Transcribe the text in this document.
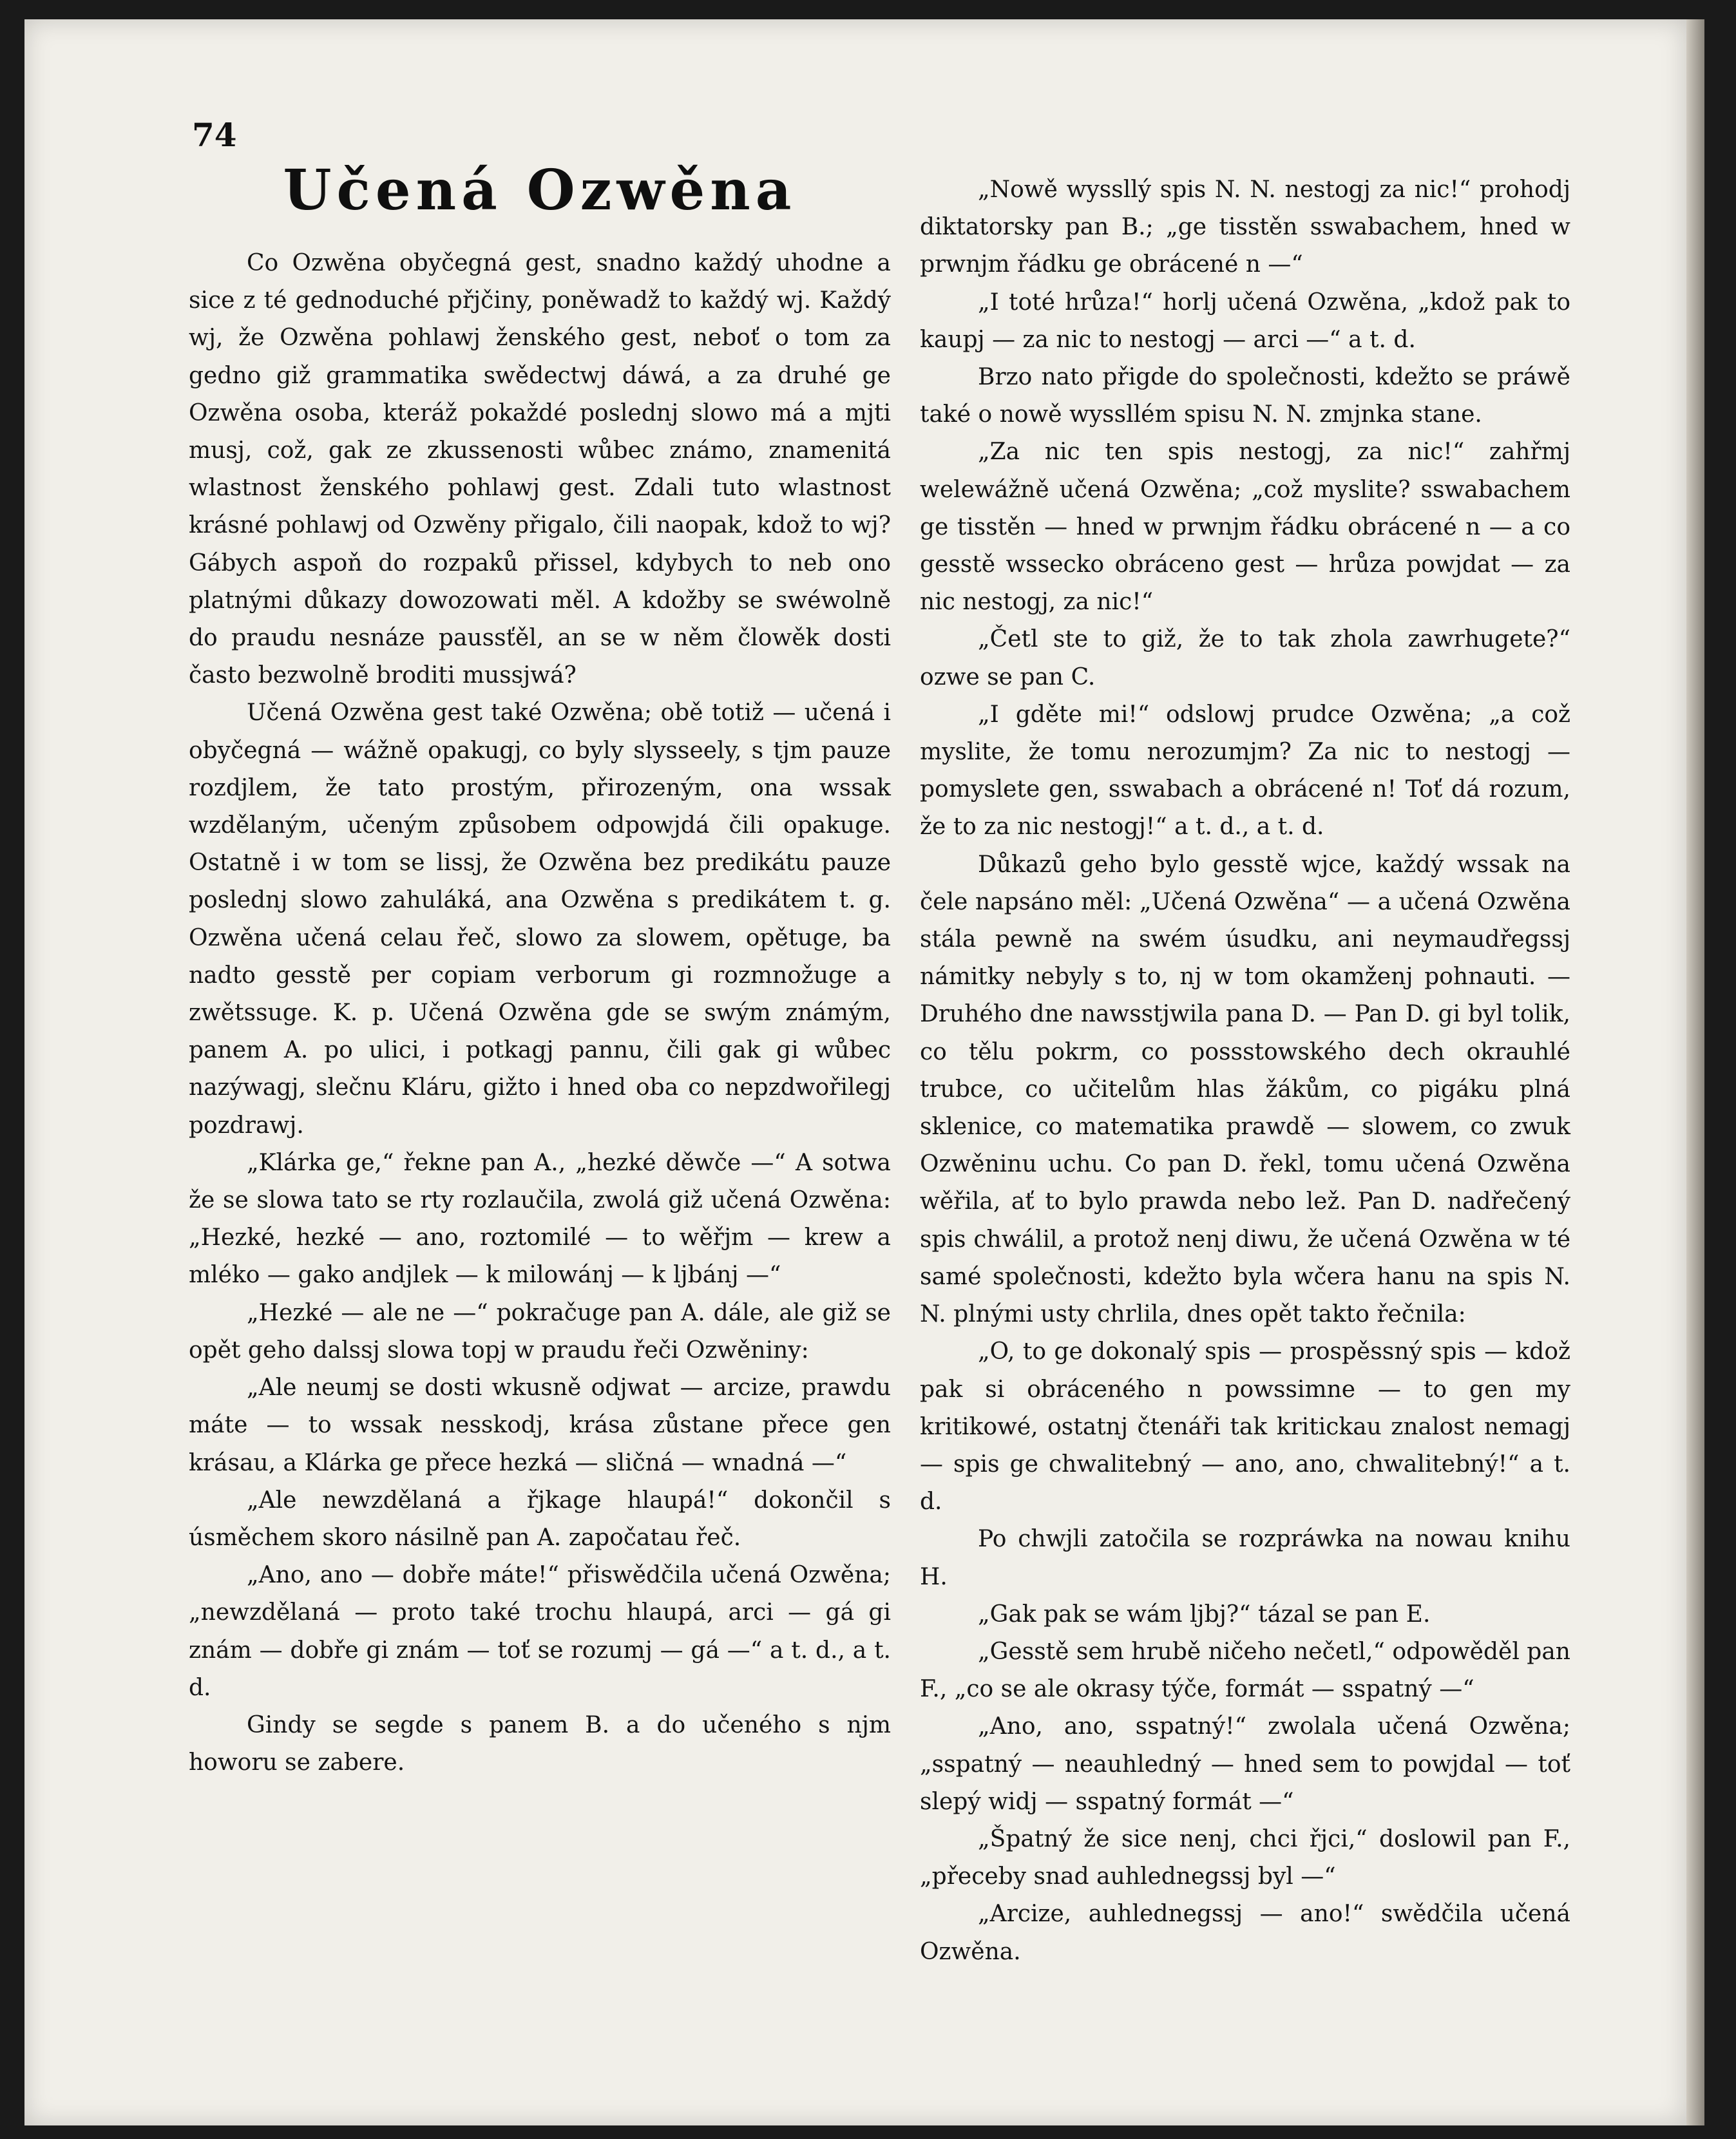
74
Učená Ozwěna

Co Ozwěna obyčegná gest, snadno každý uhodne a sice z té gednoduché přjčiny, poněwadž to každý wj. Každý wj, že Ozwěna pohlawj ženského gest, neboť o tom za gedno giž grammatika swědectwj dáwá, a za druhé ge Ozwěna osoba, kteráž pokaždé poslednj slowo má a mjti musj, což, gak ze zkussenosti wůbec známo, znamenitá wlastnost ženského pohlawj gest. Zdali tuto wlastnost krásné pohlawj od Ozwěny přigalo, čili naopak, kdož to wj? Gábych aspoň do rozpaků přissel, kdybych to neb ono platnými důkazy dowozowati měl. A kdožby se swéwolně do praudu nesnáze paussťěl, an se w něm člowěk dosti často bezwolně broditi mussjwá?

Učená Ozwěna gest také Ozwěna; obě totiž — učená i obyčegná — wážně opakugj, co byly slysseely, s tjm pauze rozdjlem, že tato prostým, přirozeným, ona wssak wzdělaným, učeným způsobem odpowjdá čili opakuge. Ostatně i w tom se lissj, že Ozwěna bez predikátu pauze poslednj slowo zahuláká, ana Ozwěna s predikátem t. g. Ozwěna učená celau řeč, slowo za slowem, opětuge, ba nadto gesstě per copiam verborum gi rozmnožuge a zwětssuge. K. p. Učená Ozwěna gde se swým známým, panem A. po ulici, i potkagj pannu, čili gak gi wůbec nazýwagj, slečnu Kláru, gižto i hned oba co nepzdwořilegj pozdrawj.

„Klárka ge,“ řekne pan A., „hezké děwče —“ A sotwa že se slowa tato se rty rozlaučila, zwolá giž učená Ozwěna: „Hezké, hezké — ano, roztomilé — to wěřjm — krew a mléko — gako andjlek — k milowánj — k ljbánj —“

„Hezké — ale ne —“ pokračuge pan A. dále, ale giž se opět geho dalssj slowa topj w praudu řeči Ozwěniny:

„Ale neumj se dosti wkusně odjwat — arcize, prawdu máte — to wssak nesskodj, krása zůstane přece gen krásau, a Klárka ge přece hezká — sličná — wnadná —“

„Ale newzdělaná a řjkage hlaupá!“ dokončil s úsměchem skoro násilně pan A. započatau řeč.

„Ano, ano — dobře máte!“ přiswědčila učená Ozwěna; „newzdělaná — proto také trochu hlaupá, arci — gá gi znám — dobře gi znám — toť se rozumj — gá —“ a t. d., a t. d.

Gindy se segde s panem B. a do učeného s njm howoru se zabere.

„Nowě wyssllý spis N. N. nestogj za nic!“ prohodj diktatorsky pan B.; „ge tisstěn sswabachem, hned w prwnjm řádku ge obrácené n —“

„I toté hrůza!“ horlj učená Ozwěna, „kdož pak to kaupj — za nic to nestogj — arci —“ a t. d.

Brzo nato přigde do společnosti, kdežto se práwě také o nowě wyssllém spisu N. N. zmjnka stane.

„Za nic ten spis nestogj, za nic!“ zahřmj welewážně učená Ozwěna; „což myslite? sswabachem ge tisstěn — hned w prwnjm řádku obrácené n — a co gesstě wssecko obráceno gest — hrůza powjdat — za nic nestogj, za nic!“

„Četl ste to giž, že to tak zhola zawrhugete?“ ozwe se pan C.

„I gděte mi!“ odslowj prudce Ozwěna; „a což myslite, že tomu nerozumjm? Za nic to nestogj — pomyslete gen, sswabach a obrácené n! Toť dá rozum, že to za nic nestogj!“ a t. d., a t. d.

Důkazů geho bylo gesstě wjce, každý wssak na čele napsáno měl: „Učená Ozwěna“ — a učená Ozwěna stála pewně na swém úsudku, ani neymaudřegssj námitky nebyly s to, nj w tom okamženj pohnauti. — Druhého dne nawsstjwila pana D. — Pan D. gi byl tolik, co tělu pokrm, co possstowského dech okrauhlé trubce, co učitelům hlas žákům, co pigáku plná sklenice, co matematika prawdě — slowem, co zwuk Ozwěninu uchu. Co pan D. řekl, tomu učená Ozwěna wěřila, ať to bylo prawda nebo lež. Pan D. nadřečený spis chwálil, a protož nenj diwu, že učená Ozwěna w té samé společnosti, kdežto byla wčera hanu na spis N. N. plnými usty chrlila, dnes opět takto řečnila:

„O, to ge dokonalý spis — prospěssný spis — kdož pak si obráceného n powssimne — to gen my kritikowé, ostatnj čtenáři tak kritickau znalost nemagj — spis ge chwalitebný — ano, ano, chwalitebný!“ a t. d.

Po chwjli zatočila se rozpráwka na nowau knihu H.

„Gak pak se wám ljbj?“ tázal se pan E.

„Gesstě sem hrubě ničeho nečetl,“ odpowěděl pan F., „co se ale okrasy týče, formát — sspatný —“

„Ano, ano, sspatný!“ zwolala učená Ozwěna; „sspatný — neauhledný — hned sem to powjdal — toť slepý widj — sspatný formát —“

„Špatný že sice nenj, chci řjci,“ doslowil pan F., „přeceby snad auhlednegssj byl —“

„Arcize, auhlednegssj — ano!“ swědčila učená Ozwěna.
